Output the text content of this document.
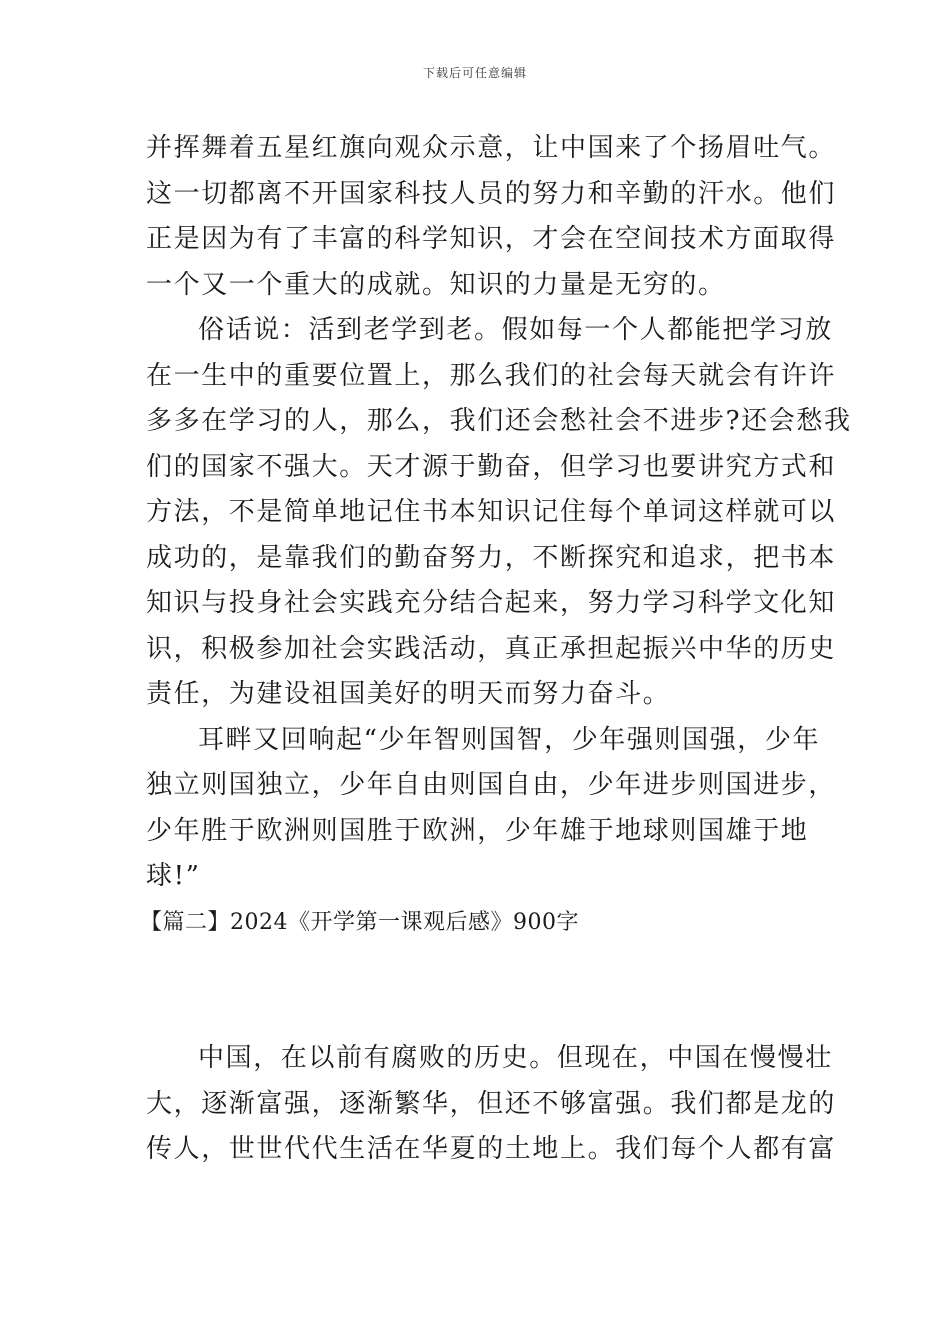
下载后可任意编辑
并挥舞着五星红旗向观众示意，让中国来了个扬眉吐气。
这一切都离不开国家科技人员的努力和辛勤的汗水。他们
正是因为有了丰富的科学知识，才会在空间技术方面取得
一个又一个重大的成就。知识的力量是无穷的。
俗话说：活到老学到老。假如每一个人都能把学习放
在一生中的重要位置上，那么我们的社会每天就会有许许
多多在学习的人，那么，我们还会愁社会不进步?还会愁我
们的国家不强大。天才源于勤奋，但学习也要讲究方式和
方法，不是简单地记住书本知识记住每个单词这样就可以
成功的，是靠我们的勤奋努力，不断探究和追求，把书本
知识与投身社会实践充分结合起来，努力学习科学文化知
识，积极参加社会实践活动，真正承担起振兴中华的历史
责任，为建设祖国美好的明天而努力奋斗。
耳畔又回响起“少年智则国智，少年强则国强，少年
独立则国独立，少年自由则国自由，少年进步则国进步，
少年胜于欧洲则国胜于欧洲，少年雄于地球则国雄于地
球!”
【篇二】2024《开学第一课观后感》900字
中国，在以前有腐败的历史。但现在，中国在慢慢壮
大，逐渐富强，逐渐繁华，但还不够富强。我们都是龙的
传人，世世代代生活在华夏的土地上。我们每个人都有富
